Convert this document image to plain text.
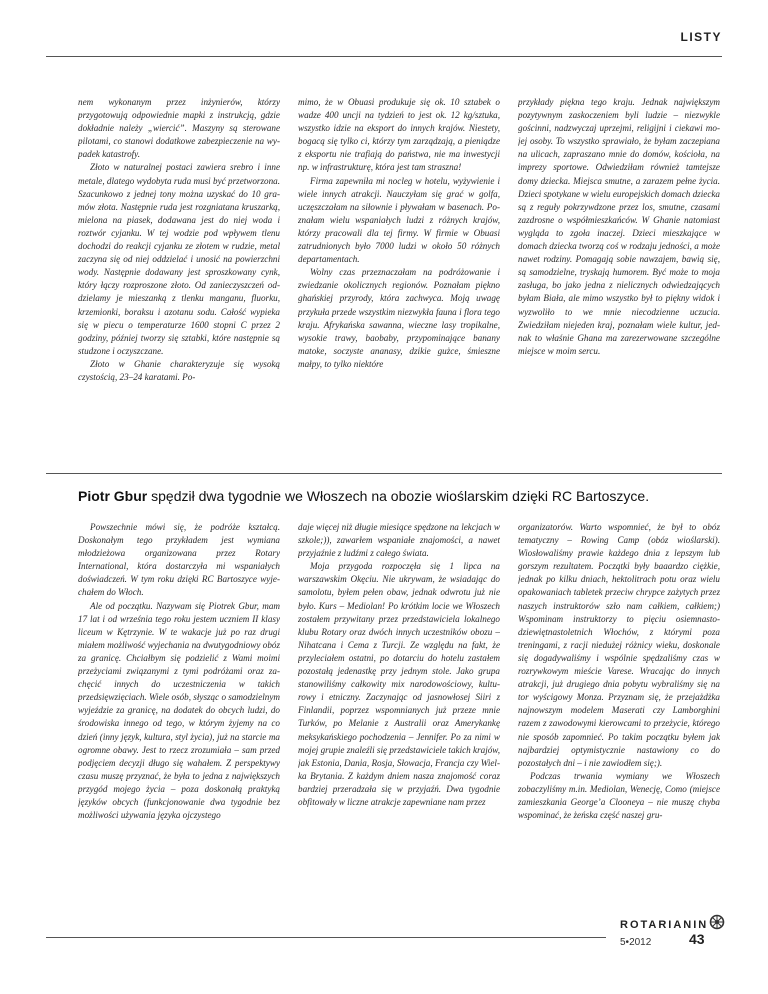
LISTY

nem wykonanym przez inżynierów, którzy przygotowują odpowiednie mapki z instrukcją, gdzie dokładnie należy „wiercić”. Maszyny są sterowane pilotami, co stanowi dodatkowe zabezpieczenie na wypadek katastrofy.

Złoto w naturalnej postaci zawiera srebro i inne metale, dlatego wydobyta ruda musi być przetworzona. Szacunkowo z jednej tony można uzyskać do 10 gramów złota. Następnie ruda jest rozgniatana kruszarką, mielona na piasek, dodawana jest do niej woda i roztwór cyjanku. W tej wodzie pod wpływem tlenu dochodzi do reakcji cyjanku ze złotem w rudzie, metal zaczyna się od niej oddzielać i unosić na powierzchni wody. Następnie dodawany jest sproszkowany cynk, który łączy rozproszone złoto. Od zanieczyszczeń oddzielamy je mieszanką z tlenku manganu, fluorku, krzemionki, boraksu i azotanu sodu. Całość wypieka się w piecu o temperaturze 1600 stopni C przez 2 godziny, później tworzy się sztabki, które następnie są studzone i oczyszczane.

Złoto w Ghanie charakteryzuje się wysoką czystością, 23–24 karatami. Po-

mimo, że w Obuasi produkuje się ok. 10 sztabek o wadze 400 uncji na tydzień to jest ok. 12 kg/sztuka, wszystko idzie na eksport do innych krajów. Niestety, bogacą się tylko ci, którzy tym zarządzają, a pieniądze z eksportu nie trafiają do państwa, nie ma inwestycji np. w infrastrukturę, która jest tam straszna!

Firma zapewniła mi nocleg w hotelu, wyżywienie i wiele innych atrakcji. Nauczyłam się grać w golfa, uczęszczałam na siłownie i pływałam w basenach. Poznałam wielu wspaniałych ludzi z różnych krajów, którzy pracowali dla tej firmy. W firmie w Obuasi zatrudnionych było 7000 ludzi w około 50 różnych departamentach.

Wolny czas przeznaczałam na podróżowanie i zwiedzanie okolicznych regionów. Poznałam piękno ghańskiej przyrody, która zachwyca. Moją uwagę przykuła przede wszystkim niezwykła fauna i flora tego kraju. Afrykańska sawanna, wieczne lasy tropikalne, wysokie trawy, baobaby, przypominające banany matoke, soczyste ananasy, dzikie gużce, śmieszne małpy, to tylko niektóre

przykłady piękna tego kraju. Jednak największym pozytywnym zaskoczeniem byli ludzie – niezwykle gościnni, nadzwyczaj uprzejmi, religijni i ciekawi mojej osoby. To wszystko sprawiało, że byłam zaczepiana na ulicach, zapraszano mnie do domów, kościoła, na imprezy sportowe. Odwiedziłam również tamtejsze domy dziecka. Miejsca smutne, a zarazem pełne życia. Dzieci spotykane w wielu europejskich domach dziecka są z reguły pokrzywdzone przez los, smutne, czasami zazdrosne o współmieszkańców. W Ghanie natomiast wygląda to zgoła inaczej. Dzieci mieszkające w domach dziecka tworzą coś w rodzaju jedności, a może nawet rodziny. Pomagają sobie nawzajem, bawią się, są samodzielne, tryskają humorem. Być może to moja zasługa, bo jako jedna z nielicznych odwiedzających byłam Biała, ale mimo wszystko był to piękny widok i wyzwoliło to we mnie niecodzienne uczucia. Zwiedziłam niejeden kraj, poznałam wiele kultur, jednak to właśnie Ghana ma zarezerwowane szczególne miejsce w moim sercu.

Piotr Gbur spędził dwa tygodnie we Włoszech na obozie wioślarskim dzięki RC Bartoszyce.

Powszechnie mówi się, że podróże kształcą. Doskonałym tego przykładem jest wymiana młodzieżowa organizowana przez Rotary International, która dostarczyła mi wspaniałych doświadczeń. W tym roku dzięki RC Bartoszyce wyjechałem do Włoch.

Ale od początku. Nazywam się Piotrek Gbur, mam 17 lat i od września tego roku jestem uczniem II klasy liceum w Kętrzynie. W te wakacje już po raz drugi miałem możliwość wyjechania na dwutygodniowy obóz za granicę. Chciałbym się podzielić z Wami moimi przeżyciami związanymi z tymi podróżami oraz zachęcić innych do uczestniczenia w takich przedsięwzięciach. Wiele osób, słysząc o samodzielnym wyjeździe za granicę, na dodatek do obcych ludzi, do środowiska innego od tego, w którym żyjemy na co dzień (inny język, kultura, styl życia), już na starcie ma ogromne obawy. Jest to rzecz zrozumiała – sam przed podjęciem decyzji długo się wahałem. Z perspektywy czasu muszę przyznać, że była to jedna z największych przygód mojego życia – poza doskonałą praktyką języków obcych (funkcjonowanie dwa tygodnie bez możliwości używania języka ojczystego

daje więcej niż długie miesiące spędzone na lekcjach w szkole;)), zawarłem wspaniałe znajomości, a nawet przyjaźnie z ludźmi z całego świata.

Moja przygoda rozpoczęła się 1 lipca na warszawskim Okęciu. Nie ukrywam, że wsiadając do samolotu, byłem pełen obaw, jednak odwrotu już nie było. Kurs – Mediolan! Po krótkim locie we Włoszech zostałem przywitany przez przedstawiciela lokalnego klubu Rotary oraz dwóch innych uczestników obozu – Nihatcana i Cema z Turcji. Ze względu na fakt, że przyleciałem ostatni, po dotarciu do hotelu zastałem pozostałą jedenastkę przy jednym stole. Jako grupa stanowiliśmy całkowity mix narodowościowy, kulturowy i etniczny. Zaczynając od jasnowłosej Siiri z Finlandii, poprzez wspomnianych już przeze mnie Turków, po Melanie z Australii oraz Amerykankę meksykańskiego pochodzenia – Jennifer. Po za nimi w mojej grupie znaleźli się przedstawiciele takich krajów, jak Estonia, Dania, Rosja, Słowacja, Francja czy Wielka Brytania. Z każdym dniem nasza znajomość coraz bardziej przeradzała się w przyjaźń. Dwa tygodnie obfitowały w liczne atrakcje zapewniane nam przez

organizatorów. Warto wspomnieć, że był to obóz tematyczny – Rowing Camp (obóz wioślarski). Wiosłowaliśmy prawie każdego dnia z lepszym lub gorszym rezultatem. Początki były baaardzo ciężkie, jednak po kilku dniach, hektolitrach potu oraz wielu opakowaniach tabletek przeciw chrypce zażytych przez naszych instruktorów szło nam całkiem, całkiem;) Wspominam instruktorzy to pięciu osiemnasto-dziewiętnastoletnich Włochów, z którymi poza treningami, z racji niedużej różnicy wieku, doskonale się dogadywaliśmy i wspólnie spędzaliśmy czas w rozrywkowym mieście Varese. Wracając do innych atrakcji, już drugiego dnia pobytu wybraliśmy się na tor wyścigowy Monza. Przyznam się, że przejażdżka najnowszym modelem Maserati czy Lamborghini razem z zawodowymi kierowcami to przeżycie, którego nie sposób zapomnieć. Po takim początku byłem jak najbardziej optymistycznie nastawiony co do pozostałych dni – i nie zawiodłem się;).

Podczas trwania wymiany we Włoszech zobaczyliśmy m.in. Mediolan, Wenecję, Como (miejsce zamieszkania George’a Clooneya – nie muszę chyba wspominać, że żeńska część naszej gru-

ROTARIANIN
5•2012	43
